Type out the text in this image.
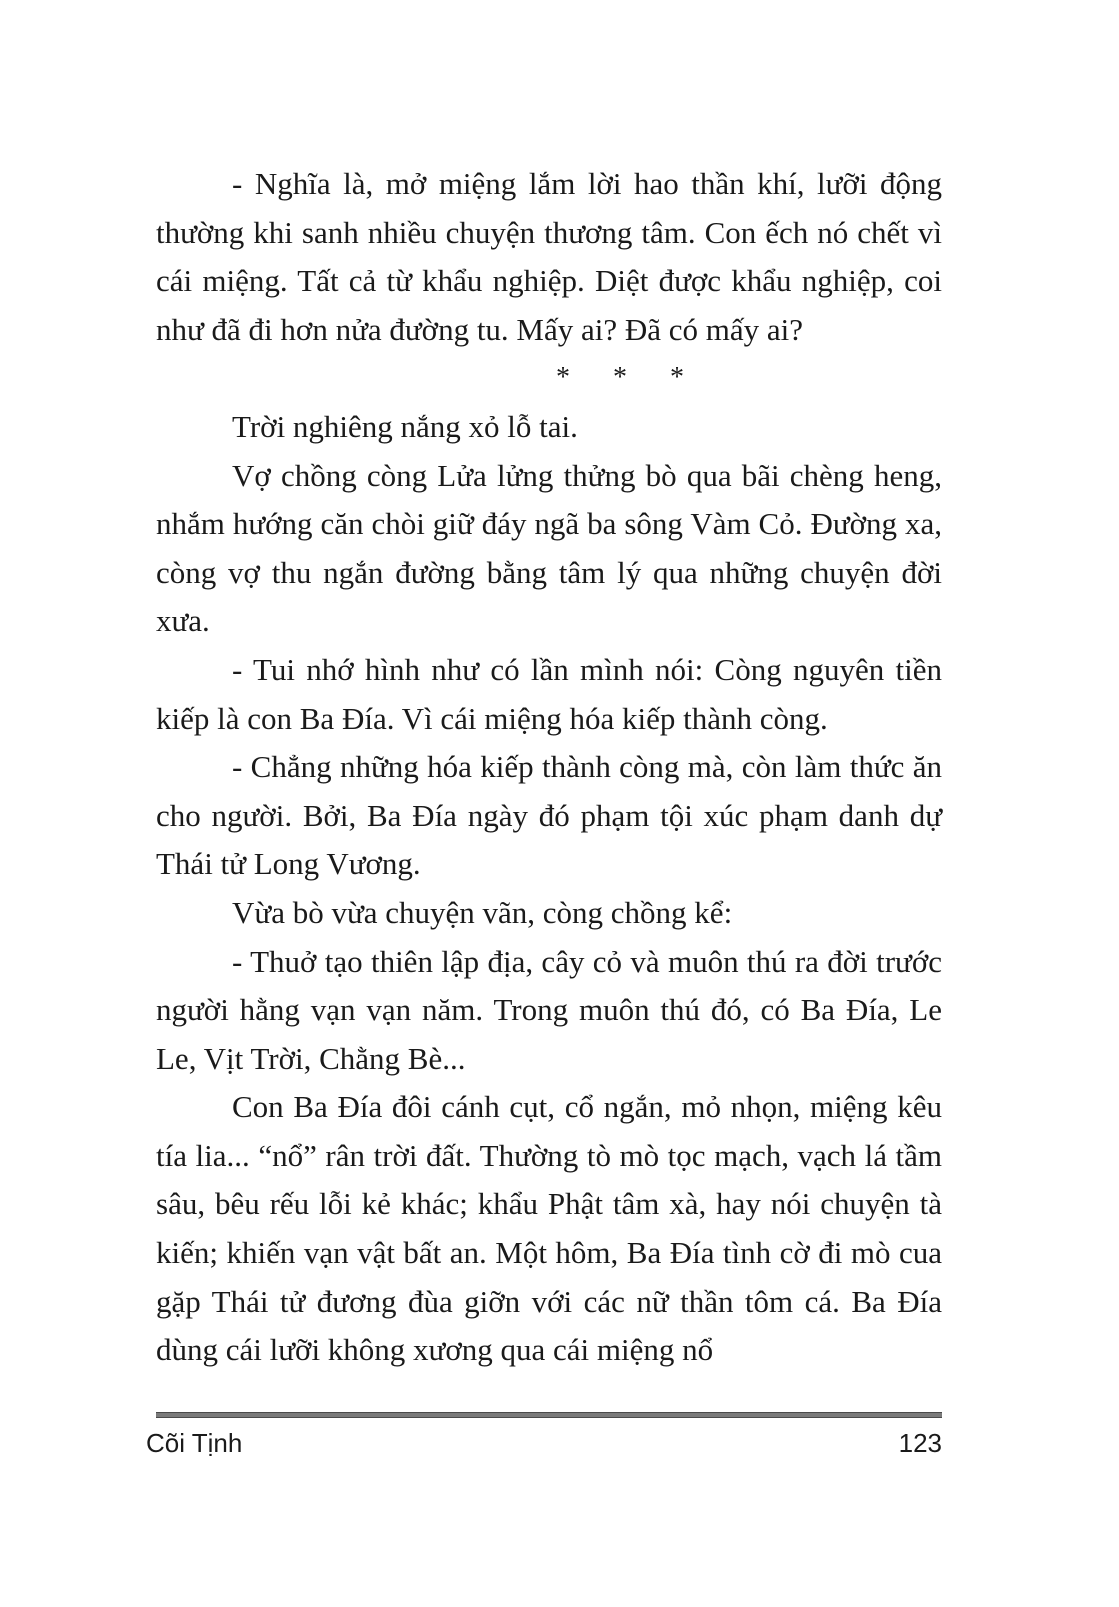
- Nghĩa là, mở miệng lắm lời hao thần khí, lưỡi động thường khi sanh nhiều chuyện thương tâm. Con ếch nó chết vì cái miệng. Tất cả từ khẩu nghiệp. Diệt được khẩu nghiệp, coi như đã đi hơn nửa đường tu. Mấy ai? Đã có mấy ai?

* * *

Trời nghiêng nắng xỏ lỗ tai.

Vợ chồng còng Lửa lửng thửng bò qua bãi chèng heng, nhắm hướng căn chòi giữ đáy ngã ba sông Vàm Cỏ. Đường xa, còng vợ thu ngắn đường bằng tâm lý qua những chuyện đời xưa.

- Tui nhớ hình như có lần mình nói: Còng nguyên tiền kiếp là con Ba Đía. Vì cái miệng hóa kiếp thành còng.

- Chẳng những hóa kiếp thành còng mà, còn làm thức ăn cho người. Bởi, Ba Đía ngày đó phạm tội xúc phạm danh dự Thái tử Long Vương.

Vừa bò vừa chuyện vãn, còng chồng kể:

- Thuở tạo thiên lập địa, cây cỏ và muôn thú ra đời trước người hằng vạn vạn năm. Trong muôn thú đó, có Ba Đía, Le Le, Vịt Trời, Chằng Bè...

Con Ba Đía đôi cánh cụt, cổ ngắn, mỏ nhọn, miệng kêu tía lia... “nổ” rân trời đất. Thường tò mò tọc mạch, vạch lá tầm sâu, bêu rếu lỗi kẻ khác; khẩu Phật tâm xà, hay nói chuyện tà kiến; khiến vạn vật bất an. Một hôm, Ba Đía tình cờ đi mò cua gặp Thái tử đương đùa giỡn với các nữ thần tôm cá. Ba Đía dùng cái lưỡi không xương qua cái miệng nổ

Cõi Tịnh	123
